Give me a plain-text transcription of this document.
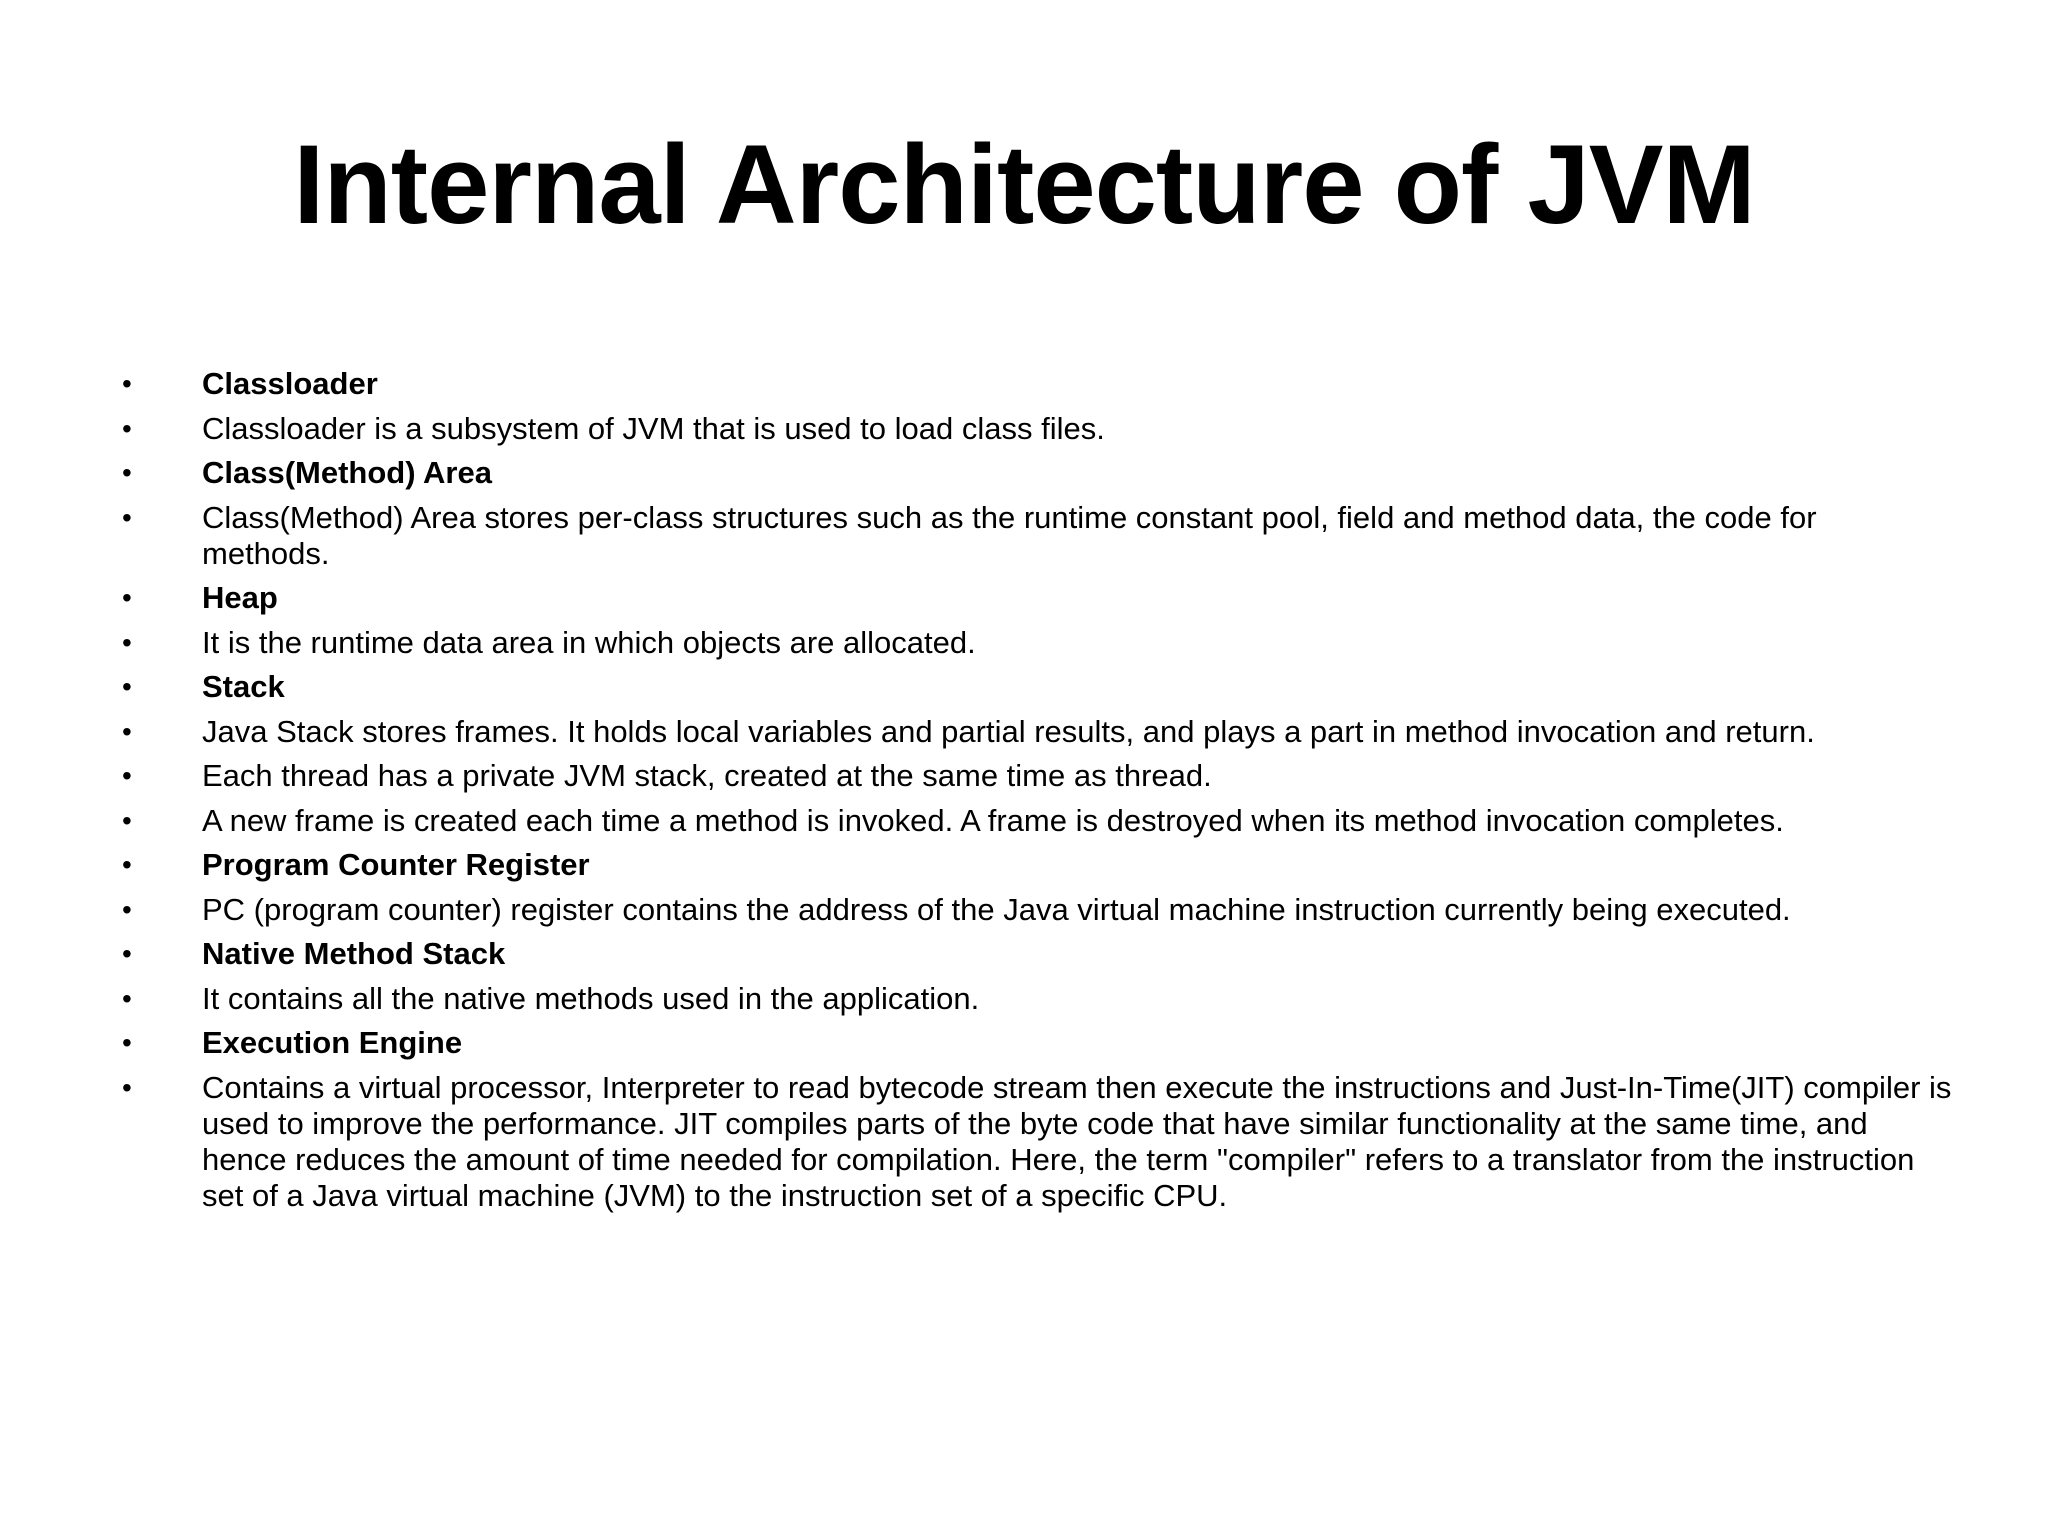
Internal Architecture of JVM
•	Classloader
•	Classloader is a subsystem of JVM that is used to load class files.
•	Class(Method) Area
•	Class(Method) Area stores per-class structures such as the runtime constant pool, field and method data, the code for methods.
•	Heap
•	It is the runtime data area in which objects are allocated.
•	Stack
•	Java Stack stores frames. It holds local variables and partial results, and plays a part in method invocation and return.
•	Each thread has a private JVM stack, created at the same time as thread.
•	A new frame is created each time a method is invoked. A frame is destroyed when its method invocation completes.
•	Program Counter Register
•	PC (program counter) register contains the address of the Java virtual machine instruction currently being executed.
•	Native Method Stack
•	It contains all the native methods used in the application.
•	Execution Engine
•	Contains a virtual processor, Interpreter to read bytecode stream then execute the instructions and Just-In-Time(JIT) compiler is used to improve the performance. JIT compiles parts of the byte code that have similar functionality at the same time, and hence reduces the amount of time needed for compilation. Here, the term "compiler" refers to a translator from the instruction set of a Java virtual machine (JVM) to the instruction set of a specific CPU.
